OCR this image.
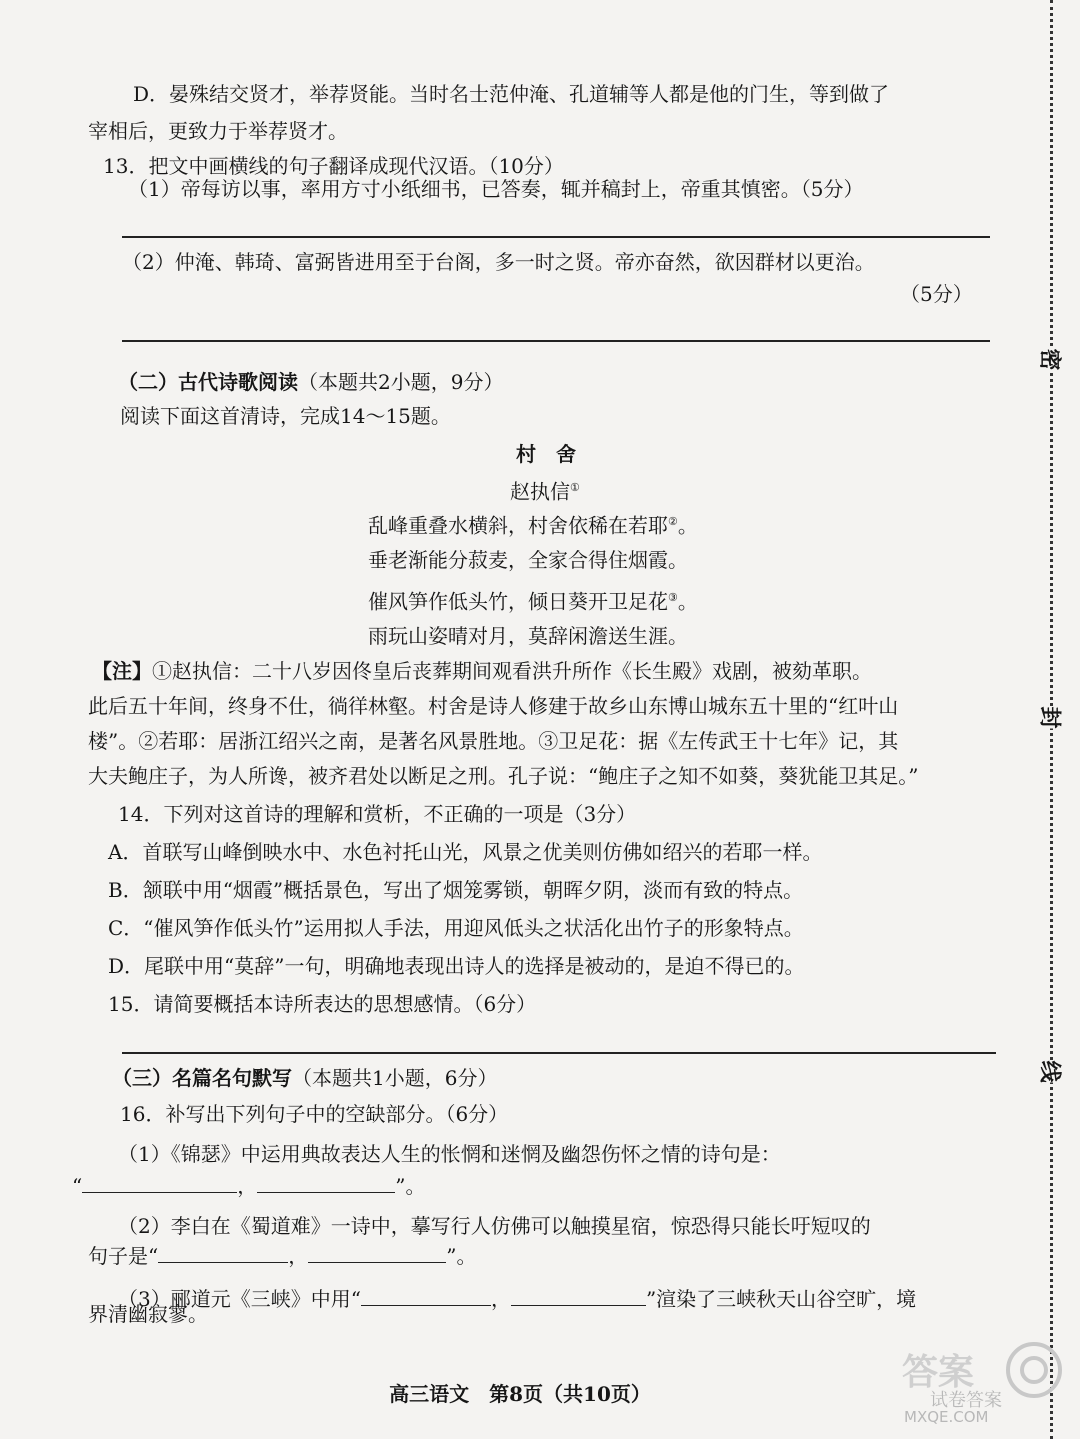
D．晏殊结交贤才，举荐贤能。当时名士范仲淹、孔道辅等人都是他的门生，等到做了
宰相后，更致力于举荐贤才。
13．把文中画横线的句子翻译成现代汉语。（10分）
（1）帝每访以事，率用方寸小纸细书，已答奏，辄并稿封上，帝重其慎密。（5分）
（2）仲淹、韩琦、富弼皆进用至于台阁，多一时之贤。帝亦奋然，欲因群材以更治。
（5分）
（二）古代诗歌阅读（本题共2小题，9分）
阅读下面这首清诗，完成14～15题。
村　舍
赵执信①
乱峰重叠水横斜，村舍依稀在若耶②。
垂老渐能分菽麦，全家合得住烟霞。
催风笋作低头竹，倾日葵开卫足花③。
雨玩山姿晴对月，莫辞闲澹送生涯。
【注】①赵执信：二十八岁因佟皇后丧葬期间观看洪升所作《长生殿》戏剧，被劾革职。
此后五十年间，终身不仕，徜徉林壑。村舍是诗人修建于故乡山东博山城东五十里的“红叶山
楼”。②若耶：居浙江绍兴之南，是著名风景胜地。③卫足花：据《左传武王十七年》记，其
大夫鲍庄子，为人所谗，被齐君处以断足之刑。孔子说：“鲍庄子之知不如葵，葵犹能卫其足。”
14．下列对这首诗的理解和赏析，不正确的一项是（3分）
A．首联写山峰倒映水中、水色衬托山光，风景之优美则仿佛如绍兴的若耶一样。
B．颔联中用“烟霞”概括景色，写出了烟笼雾锁，朝晖夕阴，淡而有致的特点。
C．“催风笋作低头竹”运用拟人手法，用迎风低头之状活化出竹子的形象特点。
D．尾联中用“莫辞”一句，明确地表现出诗人的选择是被动的，是迫不得已的。
15．请简要概括本诗所表达的思想感情。（6分）
（三）名篇名句默写（本题共1小题，6分）
16．补写出下列句子中的空缺部分。（6分）
（1）《锦瑟》中运用典故表达人生的怅惘和迷惘及幽怨伤怀之情的诗句是：
“	，	”。
（2）李白在《蜀道难》一诗中，摹写行人仿佛可以触摸星宿，惊恐得只能长吁短叹的
句子是“	，	”。
（3）郦道元《三峡》中用“	，	”渲染了三峡秋天山谷空旷，境
界清幽寂寥。
高三语文　第8页（共10页）
密
封
线
答案
试卷答案
MXQE.COM
